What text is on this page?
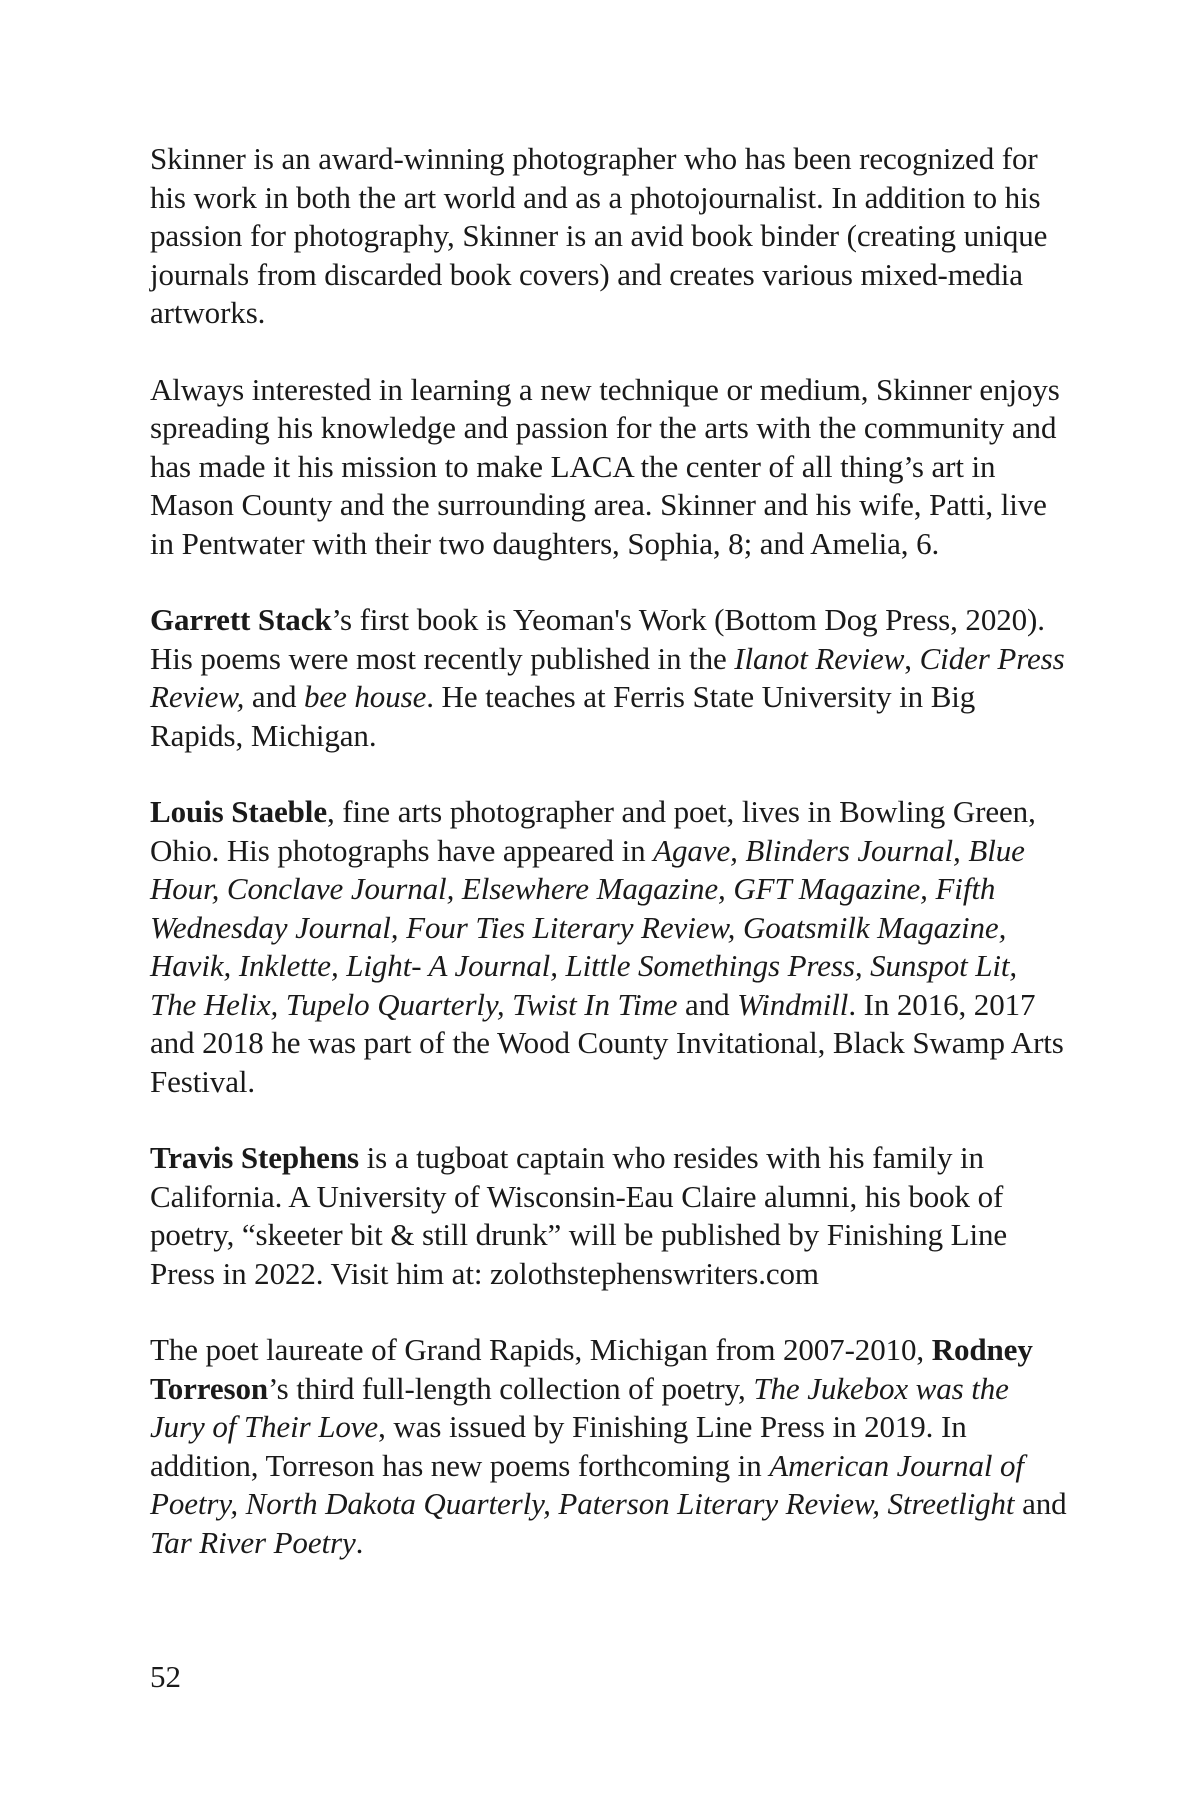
Skinner is an award-winning photographer who has been recognized for his work in both the art world and as a photojournalist. In addition to his passion for photography, Skinner is an avid book binder (creating unique journals from discarded book covers) and creates various mixed-media artworks.

Always interested in learning a new technique or medium, Skinner enjoys spreading his knowledge and passion for the arts with the community and has made it his mission to make LACA the center of all thing’s art in Mason County and the surrounding area. Skinner and his wife, Patti, live in Pentwater with their two daughters, Sophia, 8; and Amelia, 6.

Garrett Stack’s first book is Yeoman's Work (Bottom Dog Press, 2020). His poems were most recently published in the Ilanot Review, Cider Press Review, and bee house. He teaches at Ferris State University in Big Rapids, Michigan.

Louis Staeble, fine arts photographer and poet, lives in Bowling Green, Ohio. His photographs have appeared in Agave, Blinders Journal, Blue Hour, Conclave Journal, Elsewhere Magazine, GFT Magazine, Fifth Wednesday Journal, Four Ties Literary Review, Goatsmilk Magazine, Havik, Inklette, Light- A Journal, Little Somethings Press, Sunspot Lit, The Helix, Tupelo Quarterly, Twist In Time and Windmill. In 2016, 2017 and 2018 he was part of the Wood County Invitational, Black Swamp Arts Festival.

Travis Stephens is a tugboat captain who resides with his family in California. A University of Wisconsin-Eau Claire alumni, his book of poetry, “skeeter bit & still drunk” will be published by Finishing Line Press in 2022. Visit him at: zolothstephenswriters.com

The poet laureate of Grand Rapids, Michigan from 2007-2010, Rodney Torreson’s third full-length collection of poetry, The Jukebox was the Jury of Their Love, was issued by Finishing Line Press in 2019. In addition, Torreson has new poems forthcoming in American Journal of Poetry, North Dakota Quarterly, Paterson Literary Review, Streetlight and Tar River Poetry.

52
